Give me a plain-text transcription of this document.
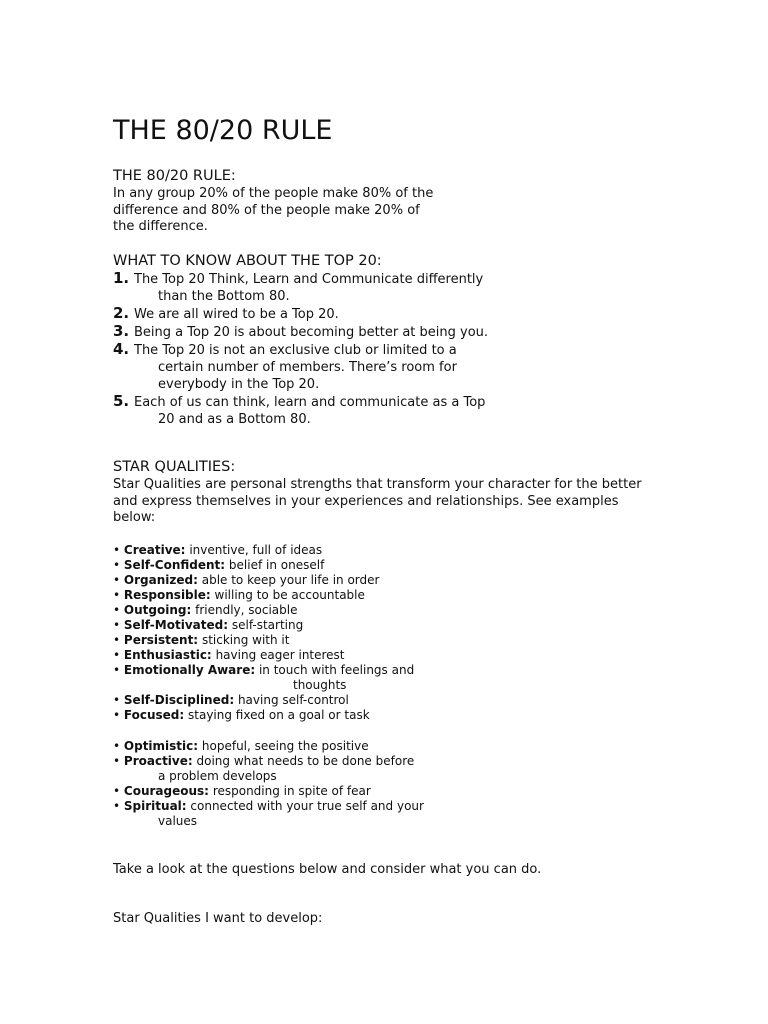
THE 80/20 RULE
THE 80/20 RULE:
In any group 20% of the people make 80% of the
difference and 80% of the people make 20% of
the difference.
WHAT TO KNOW ABOUT THE TOP 20:
1. The Top 20 Think, Learn and Communicate differently
than the Bottom 80.
2. We are all wired to be a Top 20.
3. Being a Top 20 is about becoming better at being you.
4. The Top 20 is not an exclusive club or limited to a
certain number of members. There’s room for
everybody in the Top 20.
5. Each of us can think, learn and communicate as a Top
20 and as a Bottom 80.
STAR QUALITIES:
Star Qualities are personal strengths that transform your character for the better
and express themselves in your experiences and relationships. See examples
below:
• Creative: inventive, full of ideas
• Self-Confident: belief in oneself
• Organized: able to keep your life in order
• Responsible: willing to be accountable
• Outgoing: friendly, sociable
• Self-Motivated: self-starting
• Persistent: sticking with it
• Enthusiastic: having eager interest
• Emotionally Aware: in touch with feelings and
thoughts
• Self-Disciplined: having self-control
• Focused: staying fixed on a goal or task
• Optimistic: hopeful, seeing the positive
• Proactive: doing what needs to be done before
a problem develops
• Courageous: responding in spite of fear
• Spiritual: connected with your true self and your
values
Take a look at the questions below and consider what you can do.
Star Qualities I want to develop:
